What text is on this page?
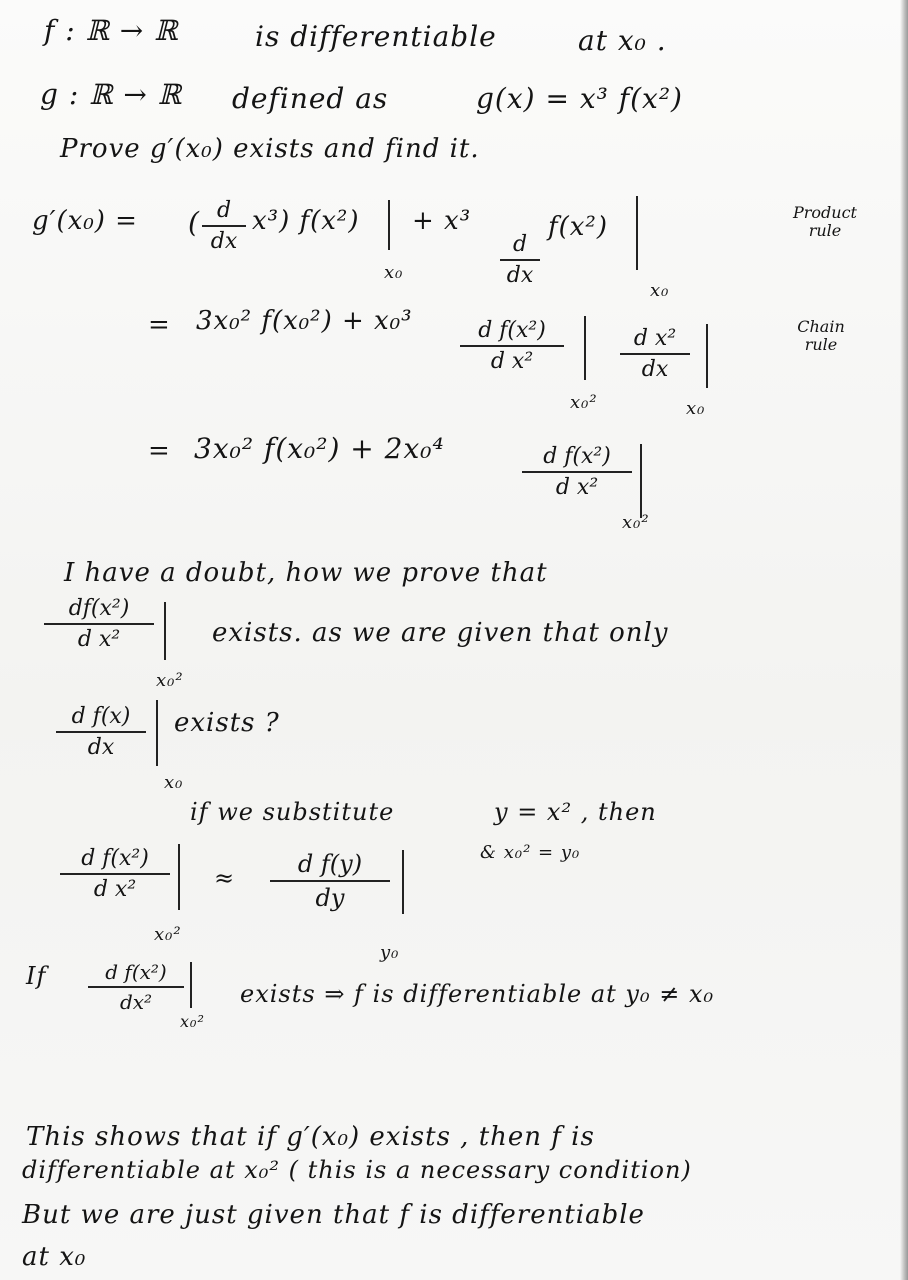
f : ℝ → ℝ	is differentiable	at x₀ .
g : ℝ → ℝ defined as	g(x) = x³ f(x²)
Prove g′(x₀) exists and find it.
g′(x₀) = ( $\frac{d}{dx} x^3$) f(x²)
x₀
+ x³
$\frac{d}{dx}$
f(x²)
x₀
Product
rule
= 3x₀² $f(x_0^2) + x_0^3 \frac{\text{d f(x²)}}{\text{d x²}}$
x₀²
$\frac{\text{d x²}}{dx}$
x₀
Chain
rule
= 3x₀² f(x₀²) + 2x₀⁴	$\frac{\text{d f(x²)}}{\text{d x²}}$
x₀²
I have a doubt, how we prove that
$\frac{\text{df(x²)}}{\text{d x²}}$
x₀²
exists. as we are given that only
$\frac{\text{d f(x)}}{dx}$
x₀
exists ?
if we substitute	y = x² , then
& x₀² = y₀
$\frac{\text{d f(x²)}}{\text{d x²}}$
x₀²
≈ $\frac{\text{d f(y)}}{dy}$
y₀
If $\frac{\text{d f(x²)}}{\text{dx²}}$
x₀²
exists ⇒ f is differentiable at y₀ ≠ x₀
This shows that if g′(x₀) exists , then f is
differentiable at x₀² ( this is a necessary condition)
But we are just given that f is differentiable
at x₀
